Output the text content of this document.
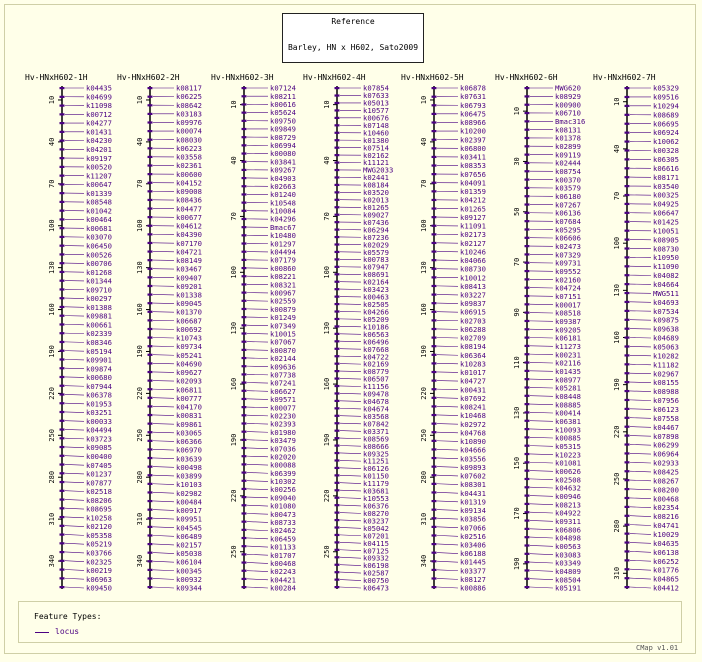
Reference
Barley, HN x H602, Sato2009
Hv-HNxH602-1H
10
40
70
100
130
160
190
220
250
280
310
340
k04435
k04699
k11098
k00712
k04277
k01431
k04230
k04201
k09197
k00520
k11207
k00647
k01339
k08548
k01042
k00464
k00681
k03070
k06450
k00526
k00706
k01268
k01344
k09710
k00297
k01388
k09881
k00661
k02339
k08346
k05194
k09901
k09874
k00680
k07944
k06378
k01953
k03251
k00033
k04494
k03723
k09085
k00400
k07405
k01237
k07877
k02518
k08206
k08695
k10258
k02120
k05358
k05219
k03766
k02325
k00219
k06963
k09450
Hv-HNxH602-2H
10
40
70
100
130
160
190
220
250
280
310
340
k08117
k06225
k08642
k03183
k09976
k00074
k08030
k06223
k03558
k02361
k00600
k04152
k09008
k08436
k04477
k00677
k04612
k04390
k07170
k04721
k08149
k03467
k09407
k09201
k01338
k09045
k01370
k06687
k00692
k10743
k09734
k05241
k04690
k09627
k02093
k06811
k00777
k04170
k00831
k09861
k03065
k06366
k06970
k03639
k00498
k03899
k10103
k02982
k00484
k00917
k09951
k04545
k06489
k02157
k05038
k06104
k00345
k00932
k09344
Hv-HNxH602-3H
10
40
70
100
130
160
190
220
250
k07124
k08211
k00616
k05624
k09750
k09849
k08729
k06994
k00080
k03841
k09267
k04903
k02663
k01240
k10548
k10084
k04296
Bmac67
k10480
k01297
k04494
k07179
k00860
k08221
k08321
k00967
k02559
k00879
k01249
k07349
k10015
k07067
k00870
k02144
k09636
k07738
k07241
k06627
k09571
k00077
k02230
k02393
k01980
k03479
k07036
k02020
k00088
k06399
k10302
k00256
k09040
k01080
k00473
k08733
k02462
k06459
k01133
k01707
k00468
k02243
k04421
k00284
Hv-HNxH602-4H
10
40
70
100
130
160
190
220
250
k07854
k07633
k05013
k10577
k00676
k07148
k10460
k01380
k07514
k02162
k11121
MWG2033
k02441
k08184
k03520
k02013
k01265
k09027
k07436
k06294
k07236
k02029
k05579
k00783
k07947
k08691
k02164
k03423
k00463
k02505
k04266
k05209
k10186
k06563
k06496
k07668
k04722
k02169
k08779
k06507
k11156
k09478
k04678
k04674
k03568
k07842
k03371
k08569
k08666
k09325
k11251
k06126
k01150
k11179
k03681
k10553
k06376
k08270
k03237
k05042
k07201
k04115
k07125
k09332
k06198
k02587
k00750
k06473
Hv-HNxH602-5H
10
40
70
100
130
160
190
220
250
280
310
340
k06878
k07631
k06793
k06475
k08966
k10200
k02397
k06800
k03411
k08353
k07656
k04091
k01359
k04212
k01265
k09127
k11091
k02173
k02127
k10246
k04066
k08730
k10012
k08413
k03227
k09837
k06915
k02703
k06288
k02709
k08194
k06364
k10283
k01017
k04727
k00431
k07692
k08241
k10468
k02972
k04768
k10890
k04666
k03556
k09893
k07602
k08301
k04431
k01319
k09134
k03856
k07066
k02516
k03406
k06188
k01445
k03377
k08127
k00886
Hv-HNxH602-6H
10
30
50
70
90
110
130
150
170
190
MWG620
k08929
k00900
k06710
Bmac316
k08131
k01378
k02899
k09119
k02444
k08754
k00370
k03579
k06180
k07267
k06136
k07684
k05295
k06606
k02473
k07329
k09731
k09552
k02160
k04724
k07151
k00017
k08518
k09387
k09205
k06181
k11273
k00231
k02116
k01435
k08977
k05281
k08448
k08885
k00414
k06381
k10093
k00885
k05315
k10223
k01081
k00626
k02508
k04632
k00946
k08213
k04922
k09311
k06806
k04898
k00563
k03083
k03349
k04809
k08504
k05191
Hv-HNxH602-7H
10
40
70
100
130
160
190
220
250
280
310
k05329
k09516
k10294
k08689
k06695
k06924
k10062
k00328
k06305
k06616
k08171
k03540
k00325
k04925
k06647
k01425
k10051
k08905
k08730
k10950
k11090
k04082
k04664
MWG511
k04693
k07534
k09875
k09638
k04689
k05063
k10282
k11182
k02967
k08155
k08988
k07956
k06123
k07558
k04467
k07898
k06299
k06964
k02933
k08425
k08267
k08200
k00468
k02354
k08216
k04741
k10029
k04635
k06138
k06252
k01776
k04865
k04412
Feature Types:
locus
CMap v1.01
